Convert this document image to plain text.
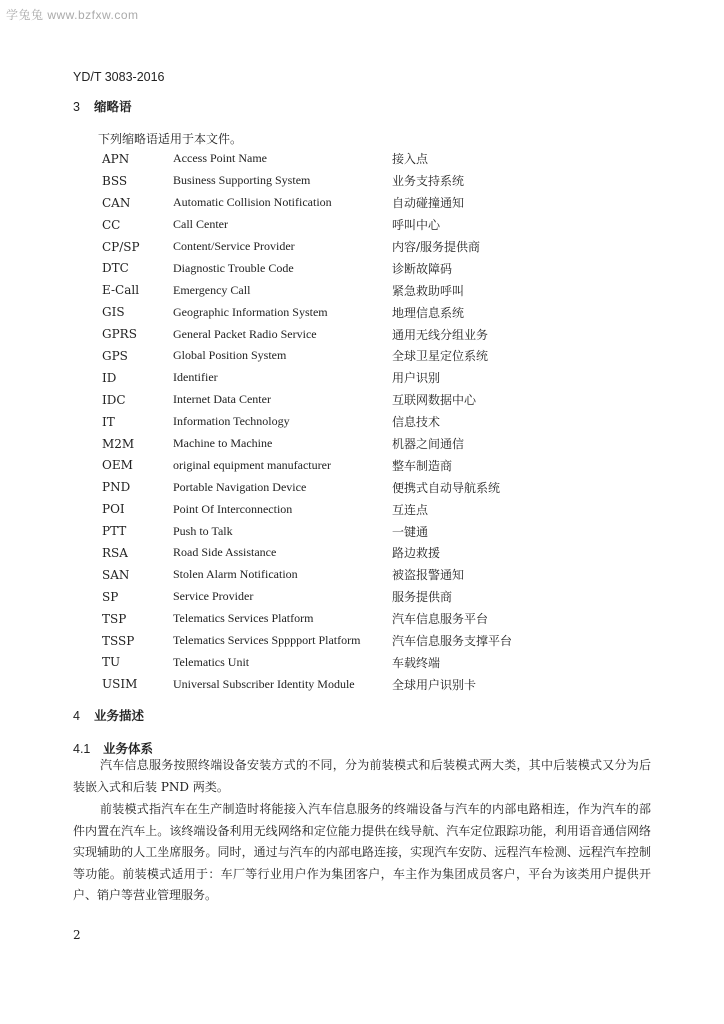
学兔兔 www.bzfxw.com
YD/T 3083-2016
3 缩略语
下列缩略语适用于本文件。
APN	Access Point Name	接入点
BSS	Business Supporting System	业务支持系统
CAN	Automatic Collision Notification	自动碰撞通知
CC	Call Center	呼叫中心
CP/SP	Content/Service Provider	内容/服务提供商
DTC	Diagnostic Trouble Code	诊断故障码
E-Call	Emergency Call	紧急救助呼叫
GIS	Geographic Information System	地理信息系统
GPRS	General Packet Radio Service	通用无线分组业务
GPS	Global Position System	全球卫星定位系统
ID	Identifier	用户识别
IDC	Internet Data Center	互联网数据中心
IT	Information Technology	信息技术
M2M	Machine to Machine	机器之间通信
OEM	original equipment manufacturer	整车制造商
PND	Portable Navigation Device	便携式自动导航系统
POI	Point Of Interconnection	互连点
PTT	Push to Talk	一键通
RSA	Road Side Assistance	路边救援
SAN	Stolen Alarm Notification	被盗报警通知
SP	Service Provider	服务提供商
TSP	Telematics Services Platform	汽车信息服务平台
TSSP	Telematics Services Spppport Platform	汽车信息服务支撑平台
TU	Telematics Unit	车载终端
USIM	Universal Subscriber Identity Module	全球用户识别卡
4 业务描述
4.1 业务体系

汽车信息服务按照终端设备安装方式的不同，分为前装模式和后装模式两大类，其中后装模式又分为后装嵌入式和后装 PND 两类。

前装模式指汽车在生产制造时将能接入汽车信息服务的终端设备与汽车的内部电路相连，作为汽车的部件内置在汽车上。该终端设备利用无线网络和定位能力提供在线导航、汽车定位跟踪功能，利用语音通信网络实现辅助的人工坐席服务。同时，通过与汽车的内部电路连接，实现汽车安防、远程汽车检测、远程汽车控制等功能。前装模式适用于：车厂等行业用户作为集团客户，车主作为集团成员客户，平台为该类用户提供开户、销户等营业管理服务。

2
